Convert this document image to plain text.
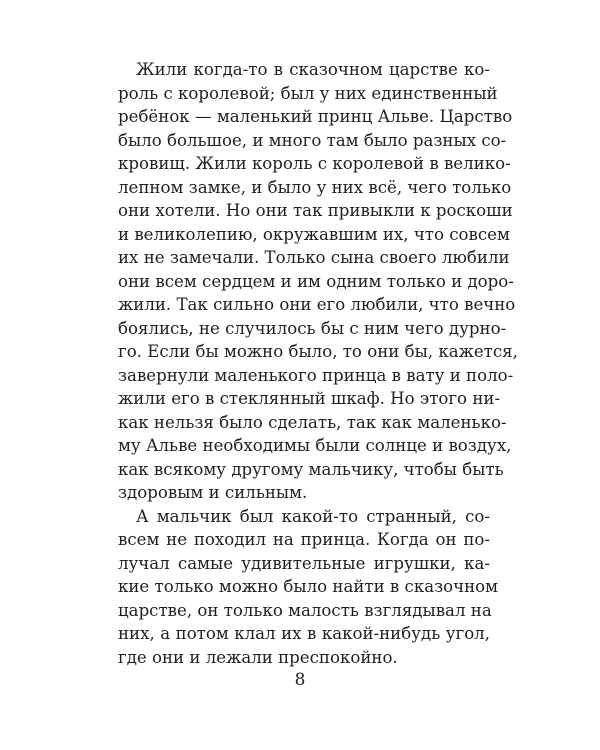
Жили когда-то в сказочном царстве ко-
роль с королевой; был у них единственный
ребёнок — маленький принц Альве. Царство
было большое, и много там было разных со-
кровищ. Жили король с королевой в велико-
лепном замке, и было у них всё, чего только
они хотели. Но они так привыкли к роскоши
и великолепию, окружавшим их, что совсем
их не замечали. Только сына своего любили
они всем сердцем и им одним только и доро-
жили. Так сильно они его любили, что вечно
боялись, не случилось бы с ним чего дурно-
го. Если бы можно было, то они бы, кажется,
завернули маленького принца в вату и поло-
жили его в стеклянный шкаф. Но этого ни-
как нельзя было сделать, так как маленько-
му Альве необходимы были солнце и воздух,
как всякому другому мальчику, чтобы быть
здоровым и сильным.
А мальчик был какой-то странный, со-
всем не походил на принца. Когда он по-
лучал самые удивительные игрушки, ка-
кие только можно было найти в сказочном
царстве, он только малость взглядывал на
них, а потом клал их в какой-нибудь угол,
где они и лежали преспокойно.
8
